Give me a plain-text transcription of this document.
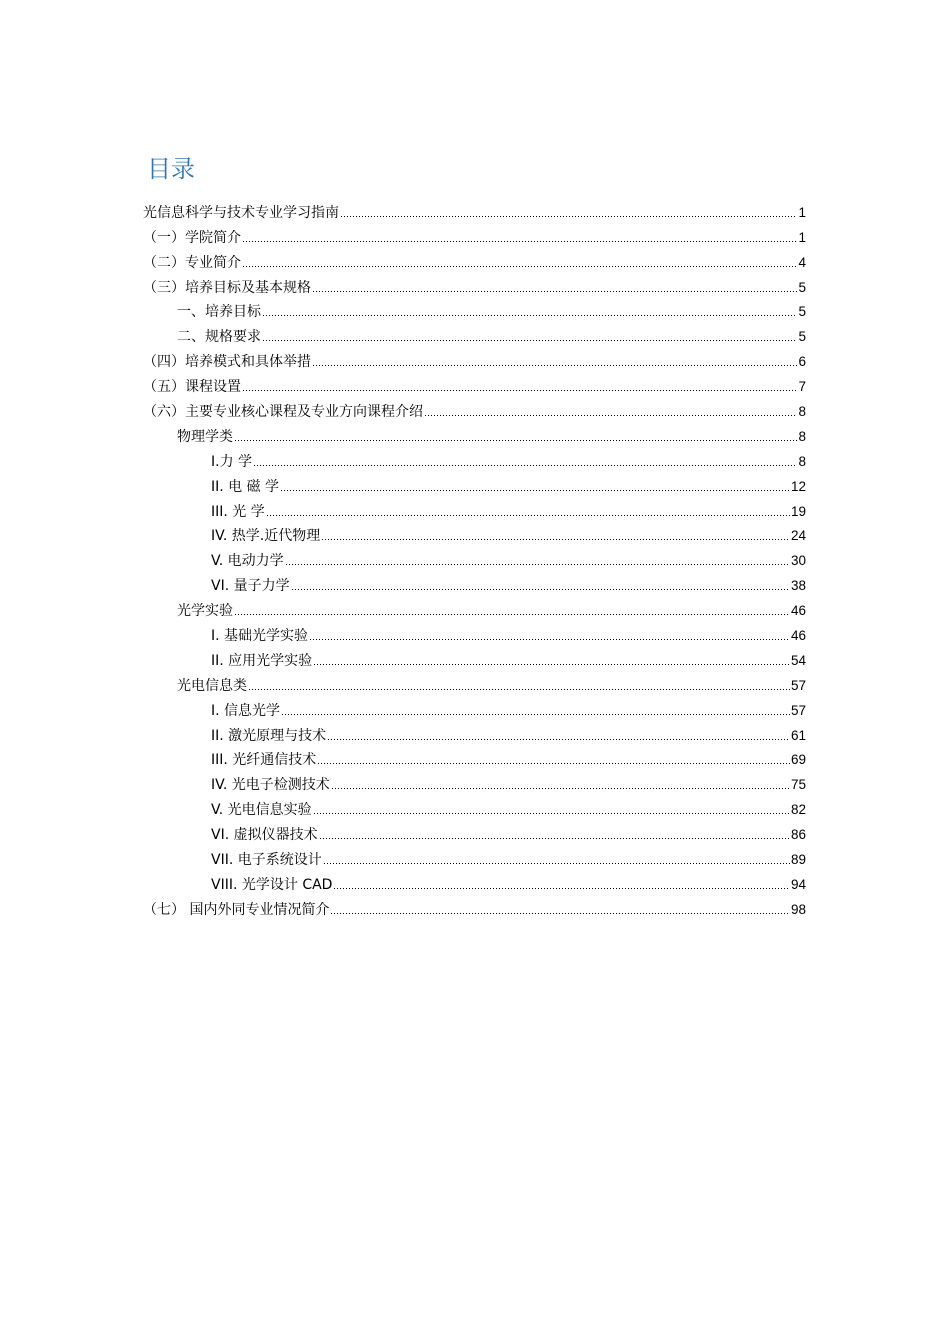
目录
光信息科学与技术专业学习指南	1
（一）学院简介	1
（二）专业简介	4
（三）培养目标及基本规格	5
一、培养目标	5
二、规格要求	5
（四）培养模式和具体举措	6
（五）课程设置	7
（六）主要专业核心课程及专业方向课程介绍	8
物理学类	8
I.力 学	8
II. 电 磁 学	12
III. 光 学	19
IV. 热学.近代物理	24
V. 电动力学	30
VI. 量子力学	38
光学实验	46
I. 基础光学实验	46
II. 应用光学实验	54
光电信息类	57
I. 信息光学	57
II. 激光原理与技术	61
III. 光纤通信技术	69
IV. 光电子检测技术	75
V. 光电信息实验	82
VI. 虚拟仪器技术	86
VII. 电子系统设计	89
VIII. 光学设计 CAD	94
（七） 国内外同专业情况简介	98
